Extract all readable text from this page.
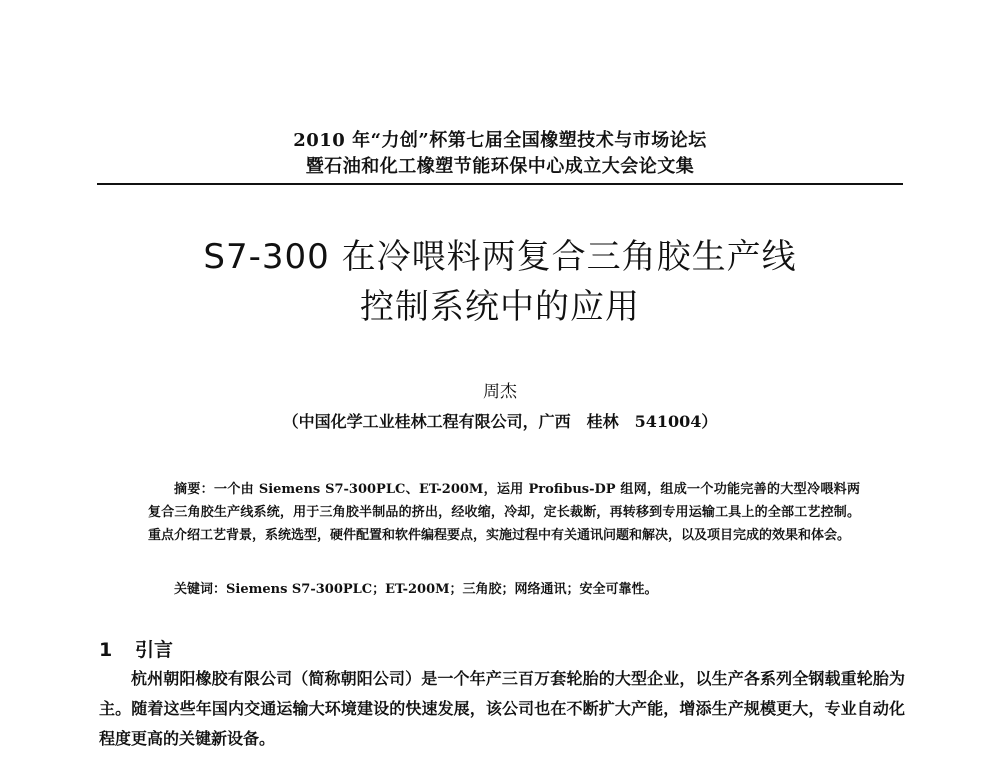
2010 年“力创”杯第七届全国橡塑技术与市场论坛
暨石油和化工橡塑节能环保中心成立大会论文集
S7-300 在冷喂料两复合三角胶生产线
控制系统中的应用
周杰
（中国化学工业桂林工程有限公司，广西　桂林　541004）
摘要：一个由 Siemens S7-300PLC、ET-200M，运用 Profibus-DP 组网，组成一个功能完善的大型冷喂料两复合三角胶生产线系统，用于三角胶半制品的挤出，经收缩，冷却，定长裁断，再转移到专用运输工具上的全部工艺控制。重点介绍工艺背景，系统选型，硬件配置和软件编程要点，实施过程中有关通讯问题和解决，以及项目完成的效果和体会。
关键词：Siemens S7-300PLC；ET-200M；三角胶；网络通讯；安全可靠性。
1 引言
杭州朝阳橡胶有限公司（简称朝阳公司）是一个年产三百万套轮胎的大型企业，以生产各系列全钢载重轮胎为主。随着这些年国内交通运输大环境建设的快速发展，该公司也在不断扩大产能，增添生产规模更大，专业自动化程度更高的关键新设备。
